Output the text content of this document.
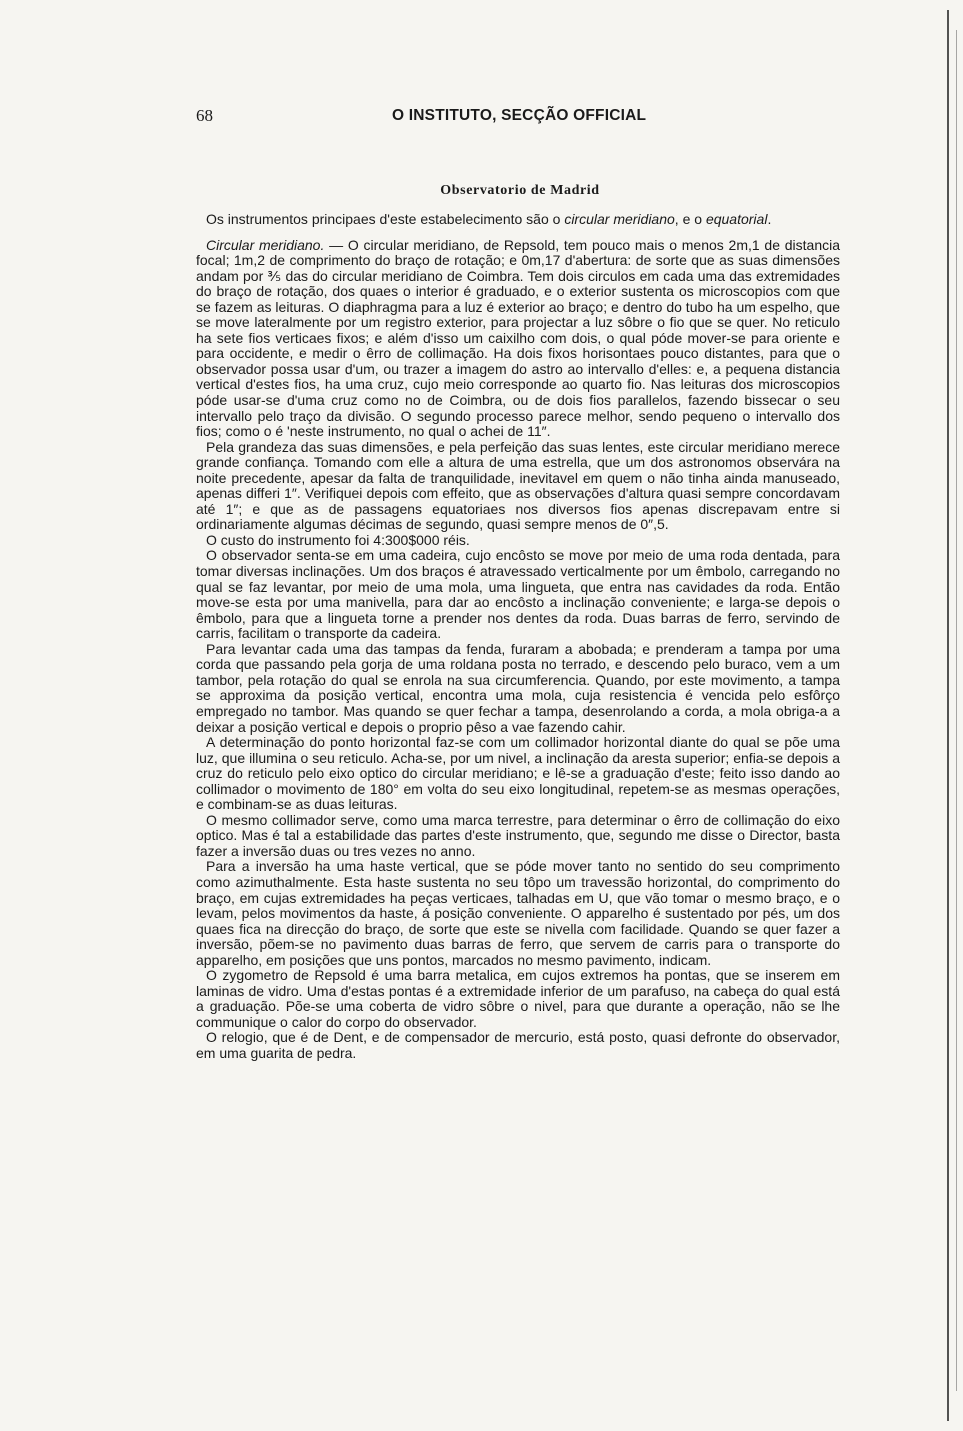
68	O INSTITUTO, SECÇÃO OFFICIAL
Observatorio de Madrid

Os instrumentos principaes d'este estabelecimento são o circular meridiano, e o equatorial.

Circular meridiano. — O circular meridiano, de Repsold, tem pouco mais o menos 2m,1 de distancia focal; 1m,2 de comprimento do braço de rotação; e 0m,17 d'abertura: de sorte que as suas dimensões andam por ⅗ das do circular meridiano de Coimbra. Tem dois circulos em cada uma das extremidades do braço de rotação, dos quaes o interior é graduado, e o exterior sustenta os microscopios com que se fazem as leituras. O diaphragma para a luz é exterior ao braço; e dentro do tubo ha um espelho, que se move lateralmente por um registro exterior, para projectar a luz sôbre o fio que se quer. No reticulo ha sete fios verticaes fixos; e além d'isso um caixilho com dois, o qual póde mover-se para oriente e para occidente, e medir o êrro de collimação. Ha dois fixos horisontaes pouco distantes, para que o observador possa usar d'um, ou trazer a imagem do astro ao intervallo d'elles: e, a pequena distancia vertical d'estes fios, ha uma cruz, cujo meio corresponde ao quarto fio. Nas leituras dos microscopios póde usar-se d'uma cruz como no de Coimbra, ou de dois fios parallelos, fazendo bissecar o seu intervallo pelo traço da divisão. O segundo processo parece melhor, sendo pequeno o intervallo dos fios; como o é 'neste instrumento, no qual o achei de 11″.

Pela grandeza das suas dimensões, e pela perfeição das suas lentes, este circular meridiano merece grande confiança. Tomando com elle a altura de uma estrella, que um dos astronomos observára na noite precedente, apesar da falta de tranquilidade, inevitavel em quem o não tinha ainda manuseado, apenas differi 1″. Verifiquei depois com effeito, que as observações d'altura quasi sempre concordavam até 1″; e que as de passagens equatoriaes nos diversos fios apenas discrepavam entre si ordinariamente algumas décimas de segundo, quasi sempre menos de 0″,5.

O custo do instrumento foi 4:300$000 réis.

O observador senta-se em uma cadeira, cujo encôsto se move por meio de uma roda dentada, para tomar diversas inclinações. Um dos braços é atravessado verticalmente por um êmbolo, carregando no qual se faz levantar, por meio de uma mola, uma lingueta, que entra nas cavidades da roda. Então move-se esta por uma manivella, para dar ao encôsto a inclinação conveniente; e larga-se depois o êmbolo, para que a lingueta torne a prender nos dentes da roda. Duas barras de ferro, servindo de carris, facilitam o transporte da cadeira.

Para levantar cada uma das tampas da fenda, furaram a abobada; e prenderam a tampa por uma corda que passando pela gorja de uma roldana posta no terrado, e descendo pelo buraco, vem a um tambor, pela rotação do qual se enrola na sua circumferencia. Quando, por este movimento, a tampa se approxima da posição vertical, encontra uma mola, cuja resistencia é vencida pelo esfôrço empregado no tambor. Mas quando se quer fechar a tampa, desenrolando a corda, a mola obriga-a a deixar a posição vertical e depois o proprio pêso a vae fazendo cahir.

A determinação do ponto horizontal faz-se com um collimador horizontal diante do qual se põe uma luz, que illumina o seu reticulo. Acha-se, por um nivel, a inclinação da aresta superior; enfia-se depois a cruz do reticulo pelo eixo optico do circular meridiano; e lê-se a graduação d'este; feito isso dando ao collimador o movimento de 180° em volta do seu eixo longitudinal, repetem-se as mesmas operações, e combinam-se as duas leituras.

O mesmo collimador serve, como uma marca terrestre, para determinar o êrro de collimação do eixo optico. Mas é tal a estabilidade das partes d'este instrumento, que, segundo me disse o Director, basta fazer a inversão duas ou tres vezes no anno.

Para a inversão ha uma haste vertical, que se póde mover tanto no sentido do seu comprimento como azimuthalmente. Esta haste sustenta no seu tôpo um travessão horizontal, do comprimento do braço, em cujas extremidades ha peças verticaes, talhadas em U, que vão tomar o mesmo braço, e o levam, pelos movimentos da haste, á posição conveniente. O apparelho é sustentado por pés, um dos quaes fica na direcção do braço, de sorte que este se nivella com facilidade. Quando se quer fazer a inversão, põem-se no pavimento duas barras de ferro, que servem de carris para o transporte do apparelho, em posições que uns pontos, marcados no mesmo pavimento, indicam.

O zygometro de Repsold é uma barra metalica, em cujos extremos ha pontas, que se inserem em laminas de vidro. Uma d'estas pontas é a extremidade inferior de um parafuso, na cabeça do qual está a graduação. Põe-se uma coberta de vidro sôbre o nivel, para que durante a operação, não se lhe communique o calor do corpo do observador.

O relogio, que é de Dent, e de compensador de mercurio, está posto, quasi defronte do observador, em uma guarita de pedra.
